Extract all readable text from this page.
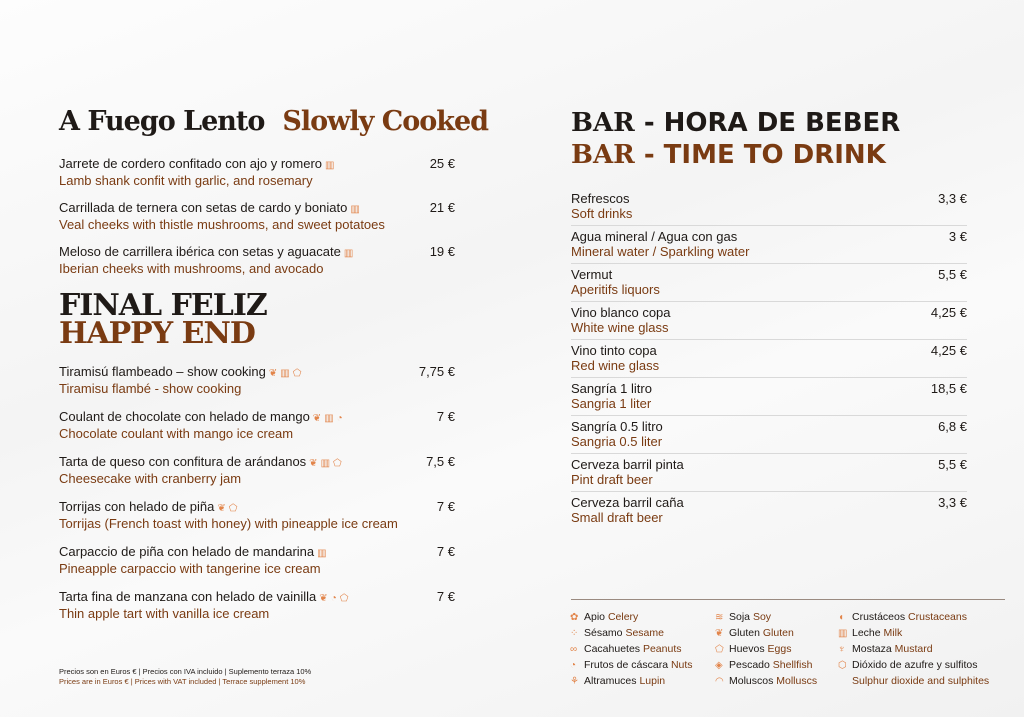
A Fuego Lento Slowly Cooked
Jarrete de cordero confitado con ajo y romero ▥
Lamb shank confit with garlic, and rosemary
25 €
Carrillada de ternera con setas de cardo y boniato ▥
Veal cheeks with thistle mushrooms, and sweet potatoes
21 €
Meloso de carrillera ibérica con setas y aguacate ▥
Iberian cheeks with mushrooms, and avocado
19 €
FINAL FELIZ
HAPPY END
Tiramisú flambeado – show cooking ❦ ▥ ⬠
Tiramisu flambé - show cooking
7,75 €
Coulant de chocolate con helado de mango ❦ ▥ ◔
Chocolate coulant with mango ice cream
7 €
Tarta de queso con confitura de arándanos ❦ ▥ ⬠
Cheesecake with cranberry jam
7,5 €
Torrijas con helado de piña ❦ ⬠
Torrijas (French toast with honey) with pineapple ice cream
7 €
Carpaccio de piña con helado de mandarina ▥
Pineapple carpaccio with tangerine ice cream
7 €
Tarta fina de manzana con helado de vainilla ❦ ◔ ⬠
Thin apple tart with vanilla ice cream
7 €
Precios son en Euros € | Precios con IVA incluido | Suplemento terraza 10%
Prices are in Euros € | Prices with VAT included | Terrace supplement 10%
BAR - HORA DE BEBER
BAR - TIME TO DRINK
Refrescos
Soft drinks
3,3 €
Agua mineral / Agua con gas
Mineral water / Sparkling water
3 €
Vermut
Aperitifs liquors
5,5 €
Vino blanco copa
White wine glass
4,25 €
Vino tinto copa
Red wine glass
4,25 €
Sangría 1 litro
Sangria 1 liter
18,5 €
Sangría 0.5 litro
Sangria 0.5 liter
6,8 €
Cerveza barril pinta
Pint draft beer
5,5 €
Cerveza barril caña
Small draft beer
3,3 €
✿ Apio Celery
⁘ Sésamo Sesame
∞ Cacahuetes Peanuts
◔ Frutos de cáscara Nuts
⚘ Altramuces Lupin
≋ Soja Soy
❦ Gluten Gluten
⬠ Huevos Eggs
◈ Pescado Shellfish
◠ Moluscos Molluscs
◖ Crustáceos Crustaceans
▥ Leche Milk
♆ Mostaza Mustard
⬡ Dióxido de azufre y sulfitos
Sulphur dioxide and sulphites
